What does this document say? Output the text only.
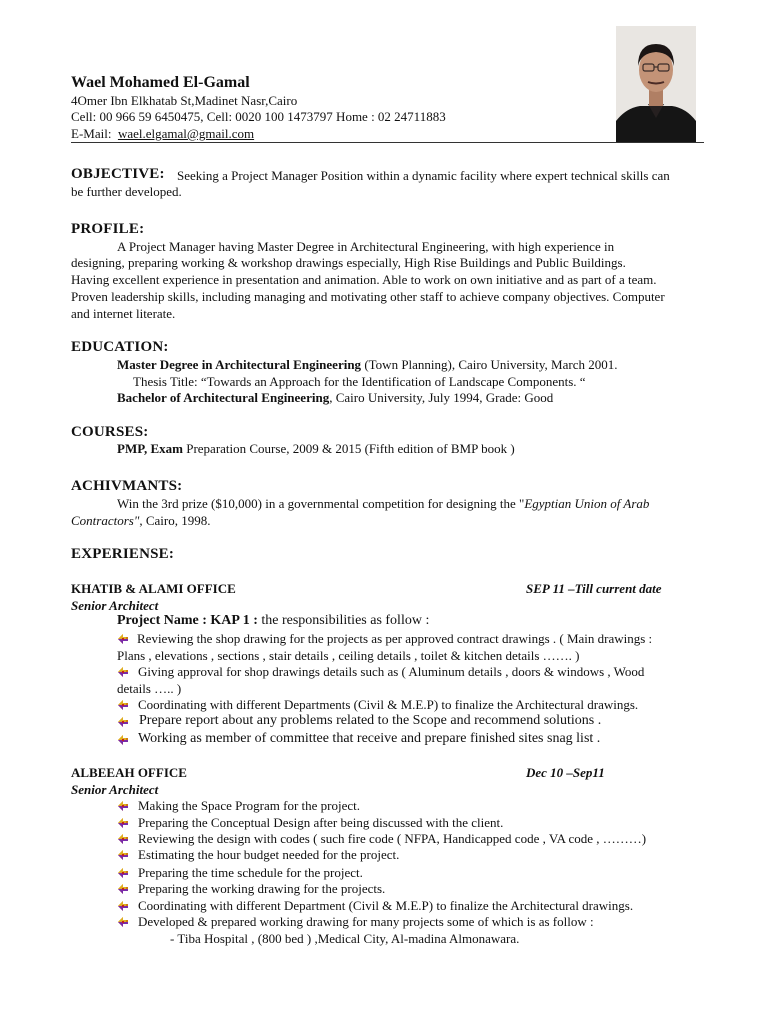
Wael Mohamed El-Gamal
4Omer Ibn Elkhatab St,Madinet Nasr,Cairo
Cell: 00 966 59 6450475, Cell: 0020 100 1473797 Home : 02 24711883
E-Mail: wael.elgamal@gmail.com
OBJECTIVE: Seeking a Project Manager Position within a dynamic facility where expert technical skills can
be further developed.
PROFILE:
A Project Manager having Master Degree in Architectural Engineering, with high experience in
designing, preparing working & workshop drawings especially, High Rise Buildings and Public Buildings.
Having excellent experience in presentation and animation. Able to work on own initiative and as part of a team.
Proven leadership skills, including managing and motivating other staff to achieve company objectives. Computer
and internet literate.
EDUCATION:
Master Degree in Architectural Engineering (Town Planning), Cairo University, March 2001.
Thesis Title: “Towards an Approach for the Identification of Landscape Components. “
Bachelor of Architectural Engineering, Cairo University, July 1994, Grade: Good
COURSES:
PMP, Exam Preparation Course, 2009 & 2015 (Fifth edition of BMP book )
ACHIVMANTS:
Win the 3rd prize ($10,000) in a governmental competition for designing the "Egyptian Union of Arab
Contractors", Cairo, 1998.
EXPERIENSE:
KHATIB & ALAMI OFFICE	SEP 11 –Till current date
Senior Architect
Project Name : KAP 1 : the responsibilities as follow :
Reviewing the shop drawing for the projects as per approved contract drawings . ( Main drawings :
Plans , elevations , sections , stair details , ceiling details , toilet & kitchen details ……. )
Giving approval for shop drawings details such as ( Aluminum details , doors & windows , Wood
details ….. )
Coordinating with different Departments (Civil & M.E.P) to finalize the Architectural drawings.
Prepare report about any problems related to the Scope and recommend solutions .
Working as member of committee that receive and prepare finished sites snag list .
ALBEEAH OFFICE	Dec 10 –Sep11
Senior Architect
Making the Space Program for the project.
Preparing the Conceptual Design after being discussed with the client.
Reviewing the design with codes ( such fire code ( NFPA, Handicapped code , VA code , ………)
Estimating the hour budget needed for the project.
Preparing the time schedule for the project.
Preparing the working drawing for the projects.
Coordinating with different Department (Civil & M.E.P) to finalize the Architectural drawings.
Developed & prepared working drawing for many projects some of which is as follow :
- Tiba Hospital , (800 bed ) ,Medical City, Al-madina Almonawara.
